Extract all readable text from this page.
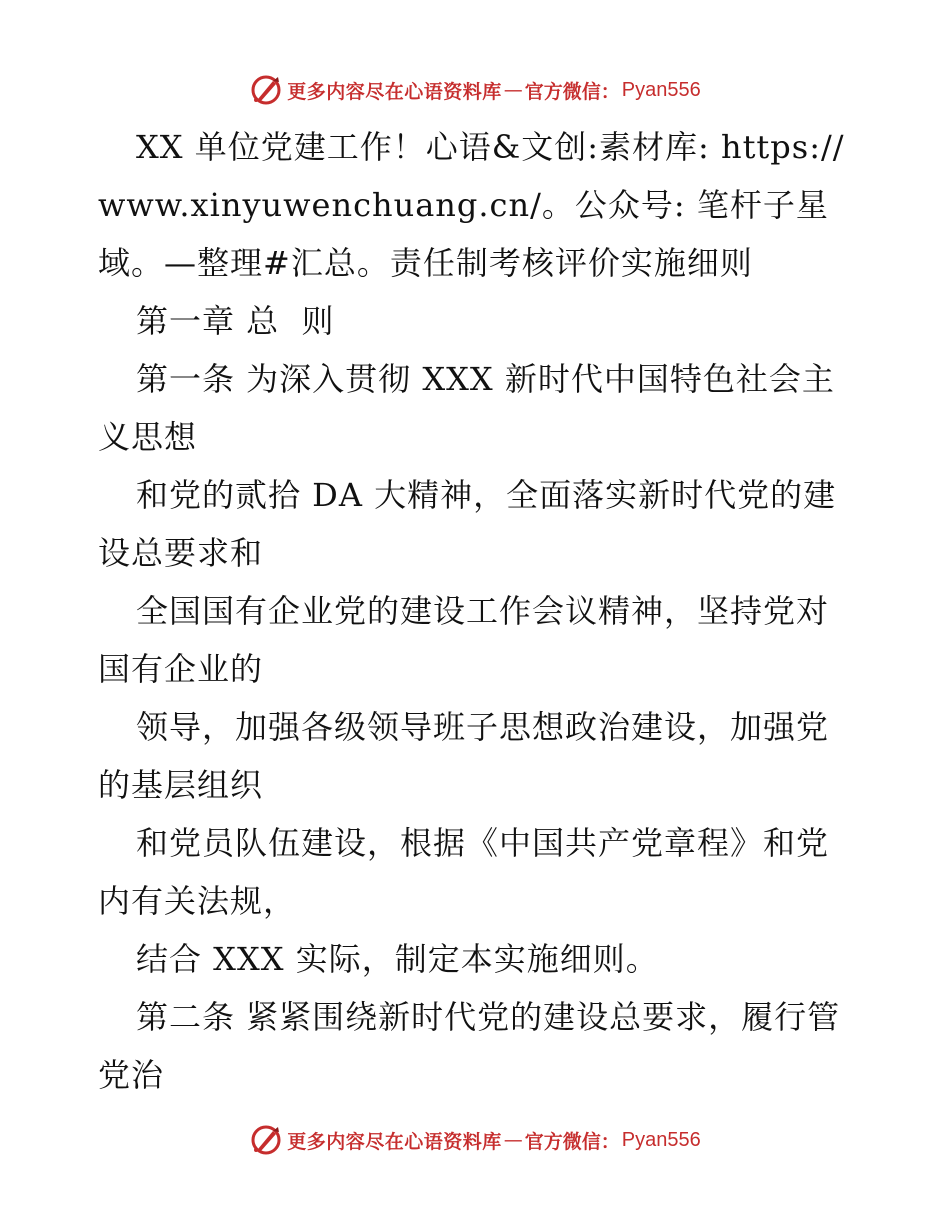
更多内容尽在心语资料库 — 官方微信： Pyan556

XX 单位党建工作！心语&文创:素材库: https://www.xinyuwenchuang.cn/。公众号: 笔杆子星域。—整理#汇总。责任制考核评价实施细则

第一章 总  则

第一条 为深入贯彻 XXX 新时代中国特色社会主义思想

和党的贰拾 DA 大精神，全面落实新时代党的建设总要求和

全国国有企业党的建设工作会议精神，坚持党对国有企业的

领导，加强各级领导班子思想政治建设，加强党的基层组织

和党员队伍建设，根据《中国共产党章程》和党内有关法规，

结合 XXX 实际，制定本实施细则。

第二条 紧紧围绕新时代党的建设总要求，履行管党治

更多内容尽在心语资料库 — 官方微信： Pyan556
